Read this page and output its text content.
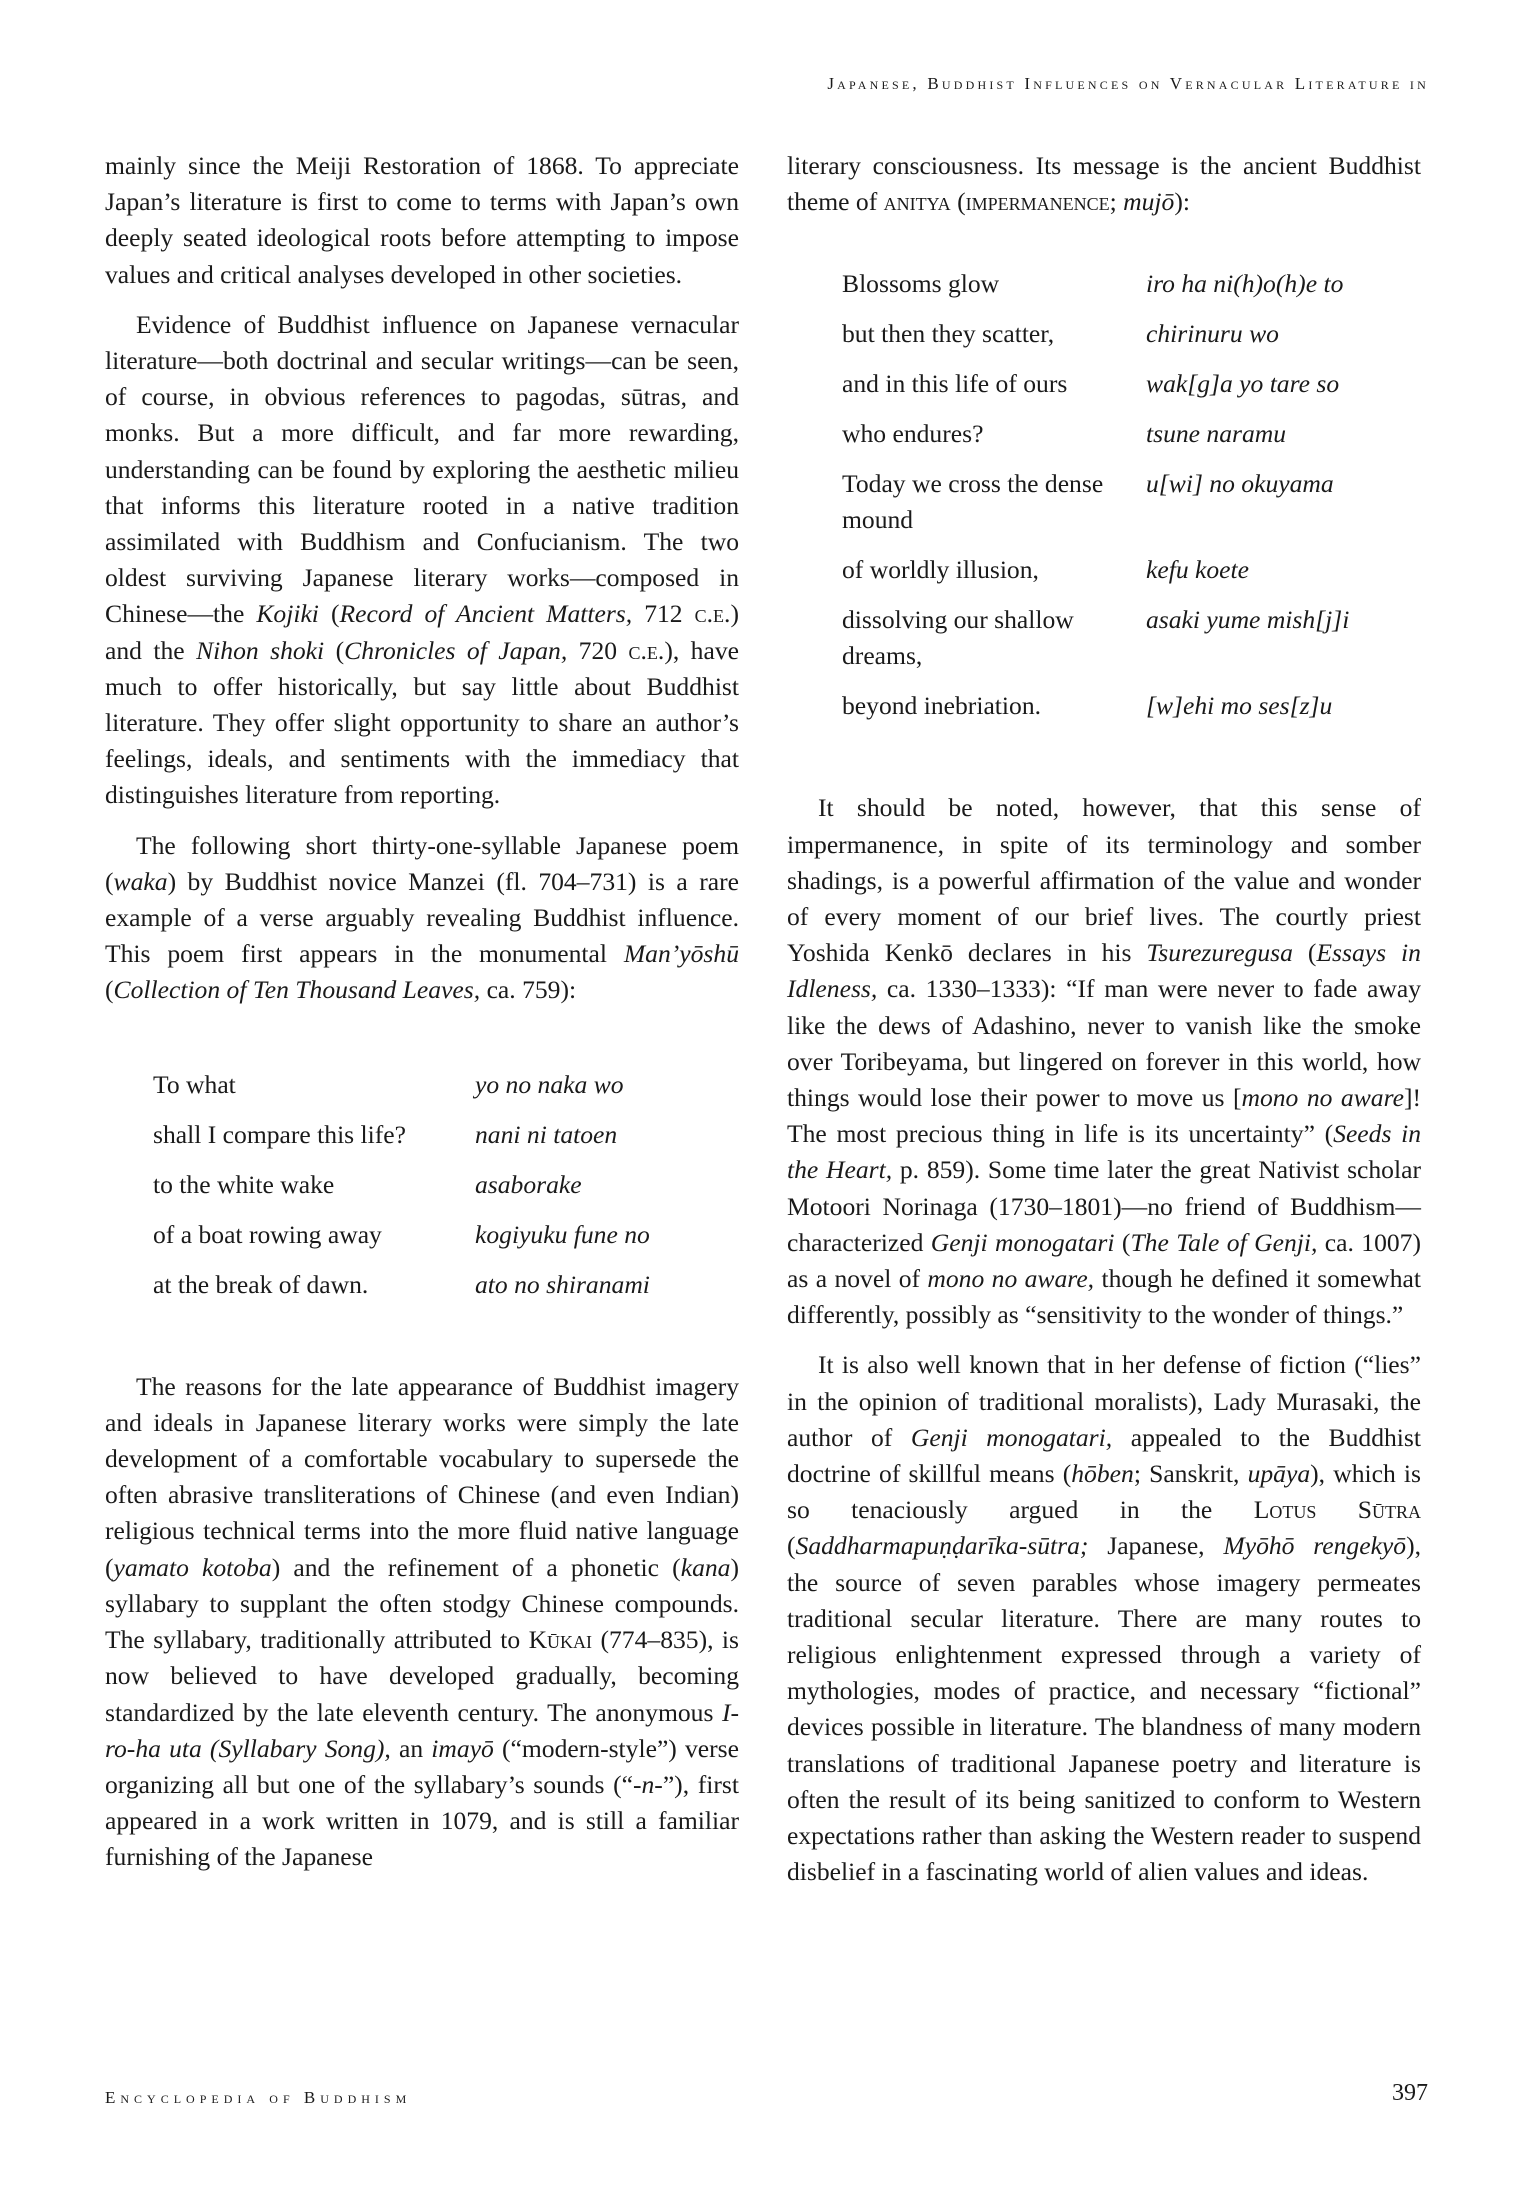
Japanese, Buddhist Influences on Vernacular Literature in

mainly since the Meiji Restoration of 1868. To appreciate Japan’s literature is first to come to terms with Japan’s own deeply seated ideological roots before attempting to impose values and critical analyses developed in other societies.

Evidence of Buddhist influence on Japanese vernacular literature—both doctrinal and secular writings—can be seen, of course, in obvious references to pagodas, sūtras, and monks. But a more difficult, and far more rewarding, understanding can be found by exploring the aesthetic milieu that informs this literature rooted in a native tradition assimilated with Buddhism and Confucianism. The two oldest surviving Japanese literary works—composed in Chinese—the Kojiki (Record of Ancient Matters, 712 c.e.) and the Nihon shoki (Chronicles of Japan, 720 c.e.), have much to offer historically, but say little about Buddhist literature. They offer slight opportunity to share an author’s feelings, ideals, and sentiments with the immediacy that distinguishes literature from reporting.

The following short thirty-one-syllable Japanese poem (waka) by Buddhist novice Manzei (fl. 704–731) is a rare example of a verse arguably revealing Buddhist influence. This poem first appears in the monumental Man’yōshū (Collection of Ten Thousand Leaves, ca. 759):

To what	yo no naka wo
shall I compare this life?	nani ni tatoen
to the white wake	asaborake
of a boat rowing away	kogiyuku fune no
at the break of dawn.	ato no shiranami

The reasons for the late appearance of Buddhist imagery and ideals in Japanese literary works were simply the late development of a comfortable vocabulary to supersede the often abrasive transliterations of Chinese (and even Indian) religious technical terms into the more fluid native language (yamato kotoba) and the refinement of a phonetic (kana) syllabary to supplant the often stodgy Chinese compounds. The syllabary, traditionally attributed to Kūkai (774–835), is now believed to have developed gradually, becoming standardized by the late eleventh century. The anonymous I-ro-ha uta (Syllabary Song), an imayō (“modern-style”) verse organizing all but one of the syllabary’s sounds (“-n-”), first appeared in a work written in 1079, and is still a familiar furnishing of the Japanese

literary consciousness. Its message is the ancient Buddhist theme of anitya (impermanence; mujō):

Blossoms glow	iro ha ni(h)o(h)e to
but then they scatter,	chirinuru wo
and in this life of ours	wak[g]a yo tare so
who endures?	tsune naramu
Today we cross the dense mound	u[wi] no okuyama
of worldly illusion,	kefu koete
dissolving our shallow dreams,	asaki yume mish[j]i
beyond inebriation.	[w]ehi mo ses[z]u

It should be noted, however, that this sense of impermanence, in spite of its terminology and somber shadings, is a powerful affirmation of the value and wonder of every moment of our brief lives. The courtly priest Yoshida Kenkō declares in his Tsurezuregusa (Essays in Idleness, ca. 1330–1333): “If man were never to fade away like the dews of Adashino, never to vanish like the smoke over Toribeyama, but lingered on forever in this world, how things would lose their power to move us [mono no aware]! The most precious thing in life is its uncertainty” (Seeds in the Heart, p. 859). Some time later the great Nativist scholar Motoori Norinaga (1730–1801)—no friend of Buddhism—characterized Genji monogatari (The Tale of Genji, ca. 1007) as a novel of mono no aware, though he defined it somewhat differently, possibly as “sensitivity to the wonder of things.”

It is also well known that in her defense of fiction (“lies” in the opinion of traditional moralists), Lady Murasaki, the author of Genji monogatari, appealed to the Buddhist doctrine of skillful means (hōben; Sanskrit, upāya), which is so tenaciously argued in the Lotus Sūtra (Saddharmapuṇḍarīka-sūtra; Japanese, Myōhō rengekyō), the source of seven parables whose imagery permeates traditional secular literature. There are many routes to religious enlightenment expressed through a variety of mythologies, modes of practice, and necessary “fictional” devices possible in literature. The blandness of many modern translations of traditional Japanese poetry and literature is often the result of its being sanitized to conform to Western expectations rather than asking the Western reader to suspend disbelief in a fascinating world of alien values and ideas.

Encyclopedia of Buddhism	397
